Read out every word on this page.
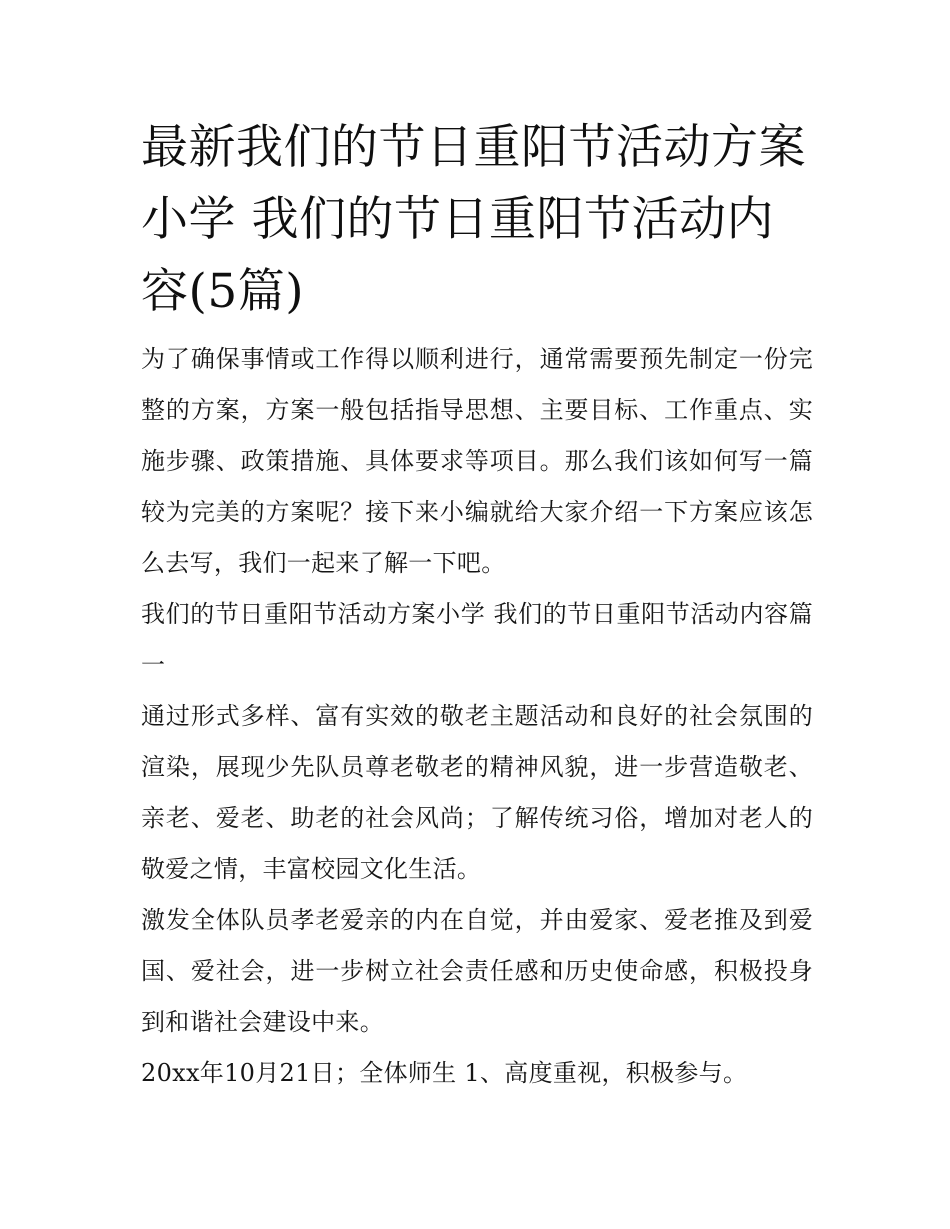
最新我们的节日重阳节活动方案小学 我们的节日重阳节活动内容(5篇)

为了确保事情或工作得以顺利进行，通常需要预先制定一份完整的方案，方案一般包括指导思想、主要目标、工作重点、实施步骤、政策措施、具体要求等项目。那么我们该如何写一篇较为完美的方案呢？接下来小编就给大家介绍一下方案应该怎么去写，我们一起来了解一下吧。

我们的节日重阳节活动方案小学 我们的节日重阳节活动内容篇一

通过形式多样、富有实效的敬老主题活动和良好的社会氛围的渲染，展现少先队员尊老敬老的精神风貌，进一步营造敬老、亲老、爱老、助老的社会风尚；了解传统习俗，增加对老人的敬爱之情，丰富校园文化生活。

激发全体队员孝老爱亲的内在自觉，并由爱家、爱老推及到爱国、爱社会，进一步树立社会责任感和历史使命感，积极投身到和谐社会建设中来。

20xx年10月21日；全体师生 1、高度重视，积极参与。
